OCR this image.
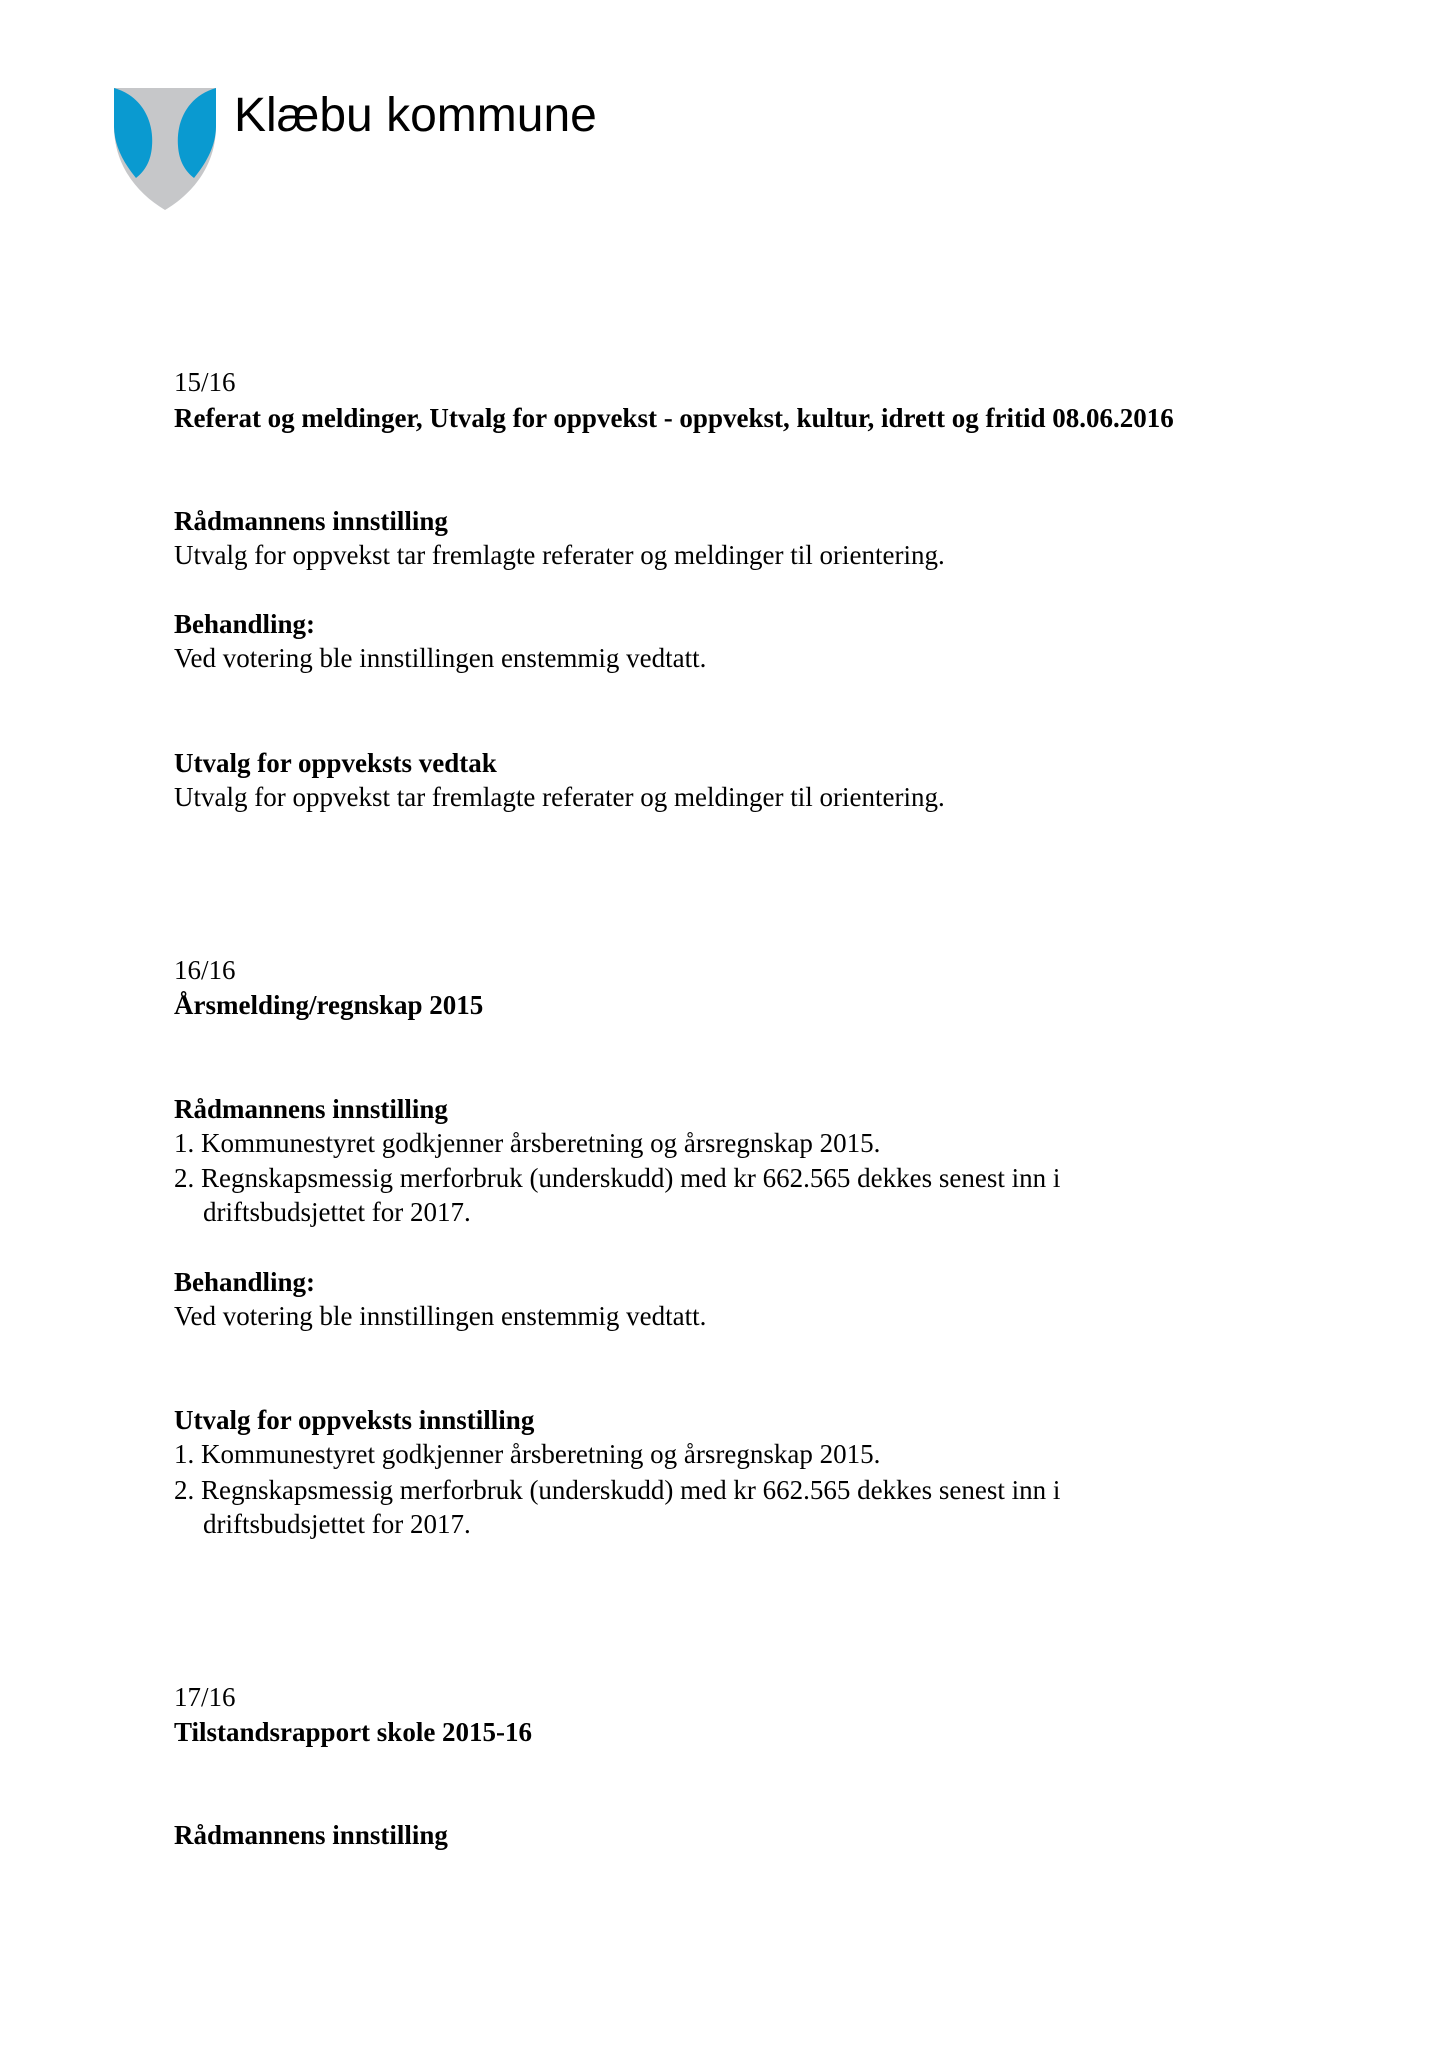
Klæbu kommune
15/16
Referat og meldinger, Utvalg for oppvekst - oppvekst, kultur, idrett og fritid 08.06.2016
Rådmannens innstilling
Utvalg for oppvekst tar fremlagte referater og meldinger til orientering.
Behandling:
Ved votering ble innstillingen enstemmig vedtatt.
Utvalg for oppveksts vedtak
Utvalg for oppvekst tar fremlagte referater og meldinger til orientering.
16/16
Årsmelding/regnskap 2015
Rådmannens innstilling
1. Kommunestyret godkjenner årsberetning og årsregnskap 2015.
2. Regnskapsmessig merforbruk (underskudd) med kr 662.565 dekkes senest inn i
driftsbudsjettet for 2017.
Behandling:
Ved votering ble innstillingen enstemmig vedtatt.
Utvalg for oppveksts innstilling
1. Kommunestyret godkjenner årsberetning og årsregnskap 2015.
2. Regnskapsmessig merforbruk (underskudd) med kr 662.565 dekkes senest inn i
driftsbudsjettet for 2017.
17/16
Tilstandsrapport skole 2015-16
Rådmannens innstilling
